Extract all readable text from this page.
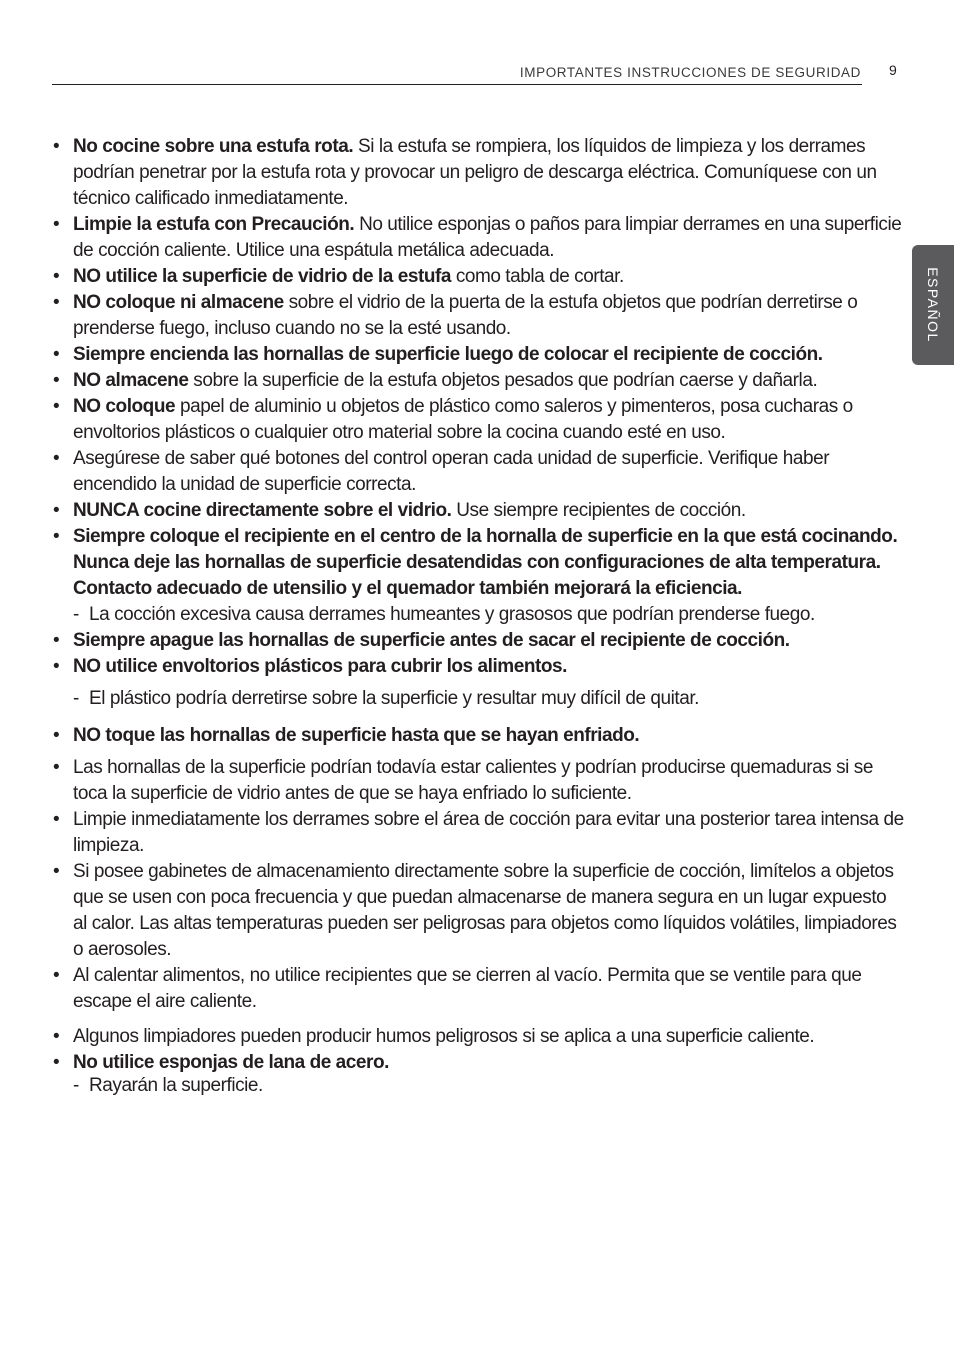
IMPORTANTES INSTRUCCIONES DE SEGURIDAD 9
ESPAÑOL
• No cocine sobre una estufa rota. Si la estufa se rompiera, los líquidos de limpieza y los derrames podrían penetrar por la estufa rota y provocar un peligro de descarga eléctrica. Comuníquese con un técnico calificado inmediatamente.
• Limpie la estufa con Precaución. No utilice esponjas o paños para limpiar derrames en una superficie de cocción caliente. Utilice una espátula metálica adecuada.
• NO utilice la superficie de vidrio de la estufa como tabla de cortar.
• NO coloque ni almacene sobre el vidrio de la puerta de la estufa objetos que podrían derretirse o prenderse fuego, incluso cuando no se la esté usando.
• Siempre encienda las hornallas de superficie luego de colocar el recipiente de cocción.
• NO almacene sobre la superficie de la estufa objetos pesados que podrían caerse y dañarla.
• NO coloque papel de aluminio u objetos de plástico como saleros y pimenteros, posa cucharas o envoltorios plásticos o cualquier otro material sobre la cocina cuando esté en uso.
• Asegúrese de saber qué botones del control operan cada unidad de superficie. Verifique haber encendido la unidad de superficie correcta.
• NUNCA cocine directamente sobre el vidrio. Use siempre recipientes de cocción.
• Siempre coloque el recipiente en el centro de la hornalla de superficie en la que está cocinando. Nunca deje las hornallas de superficie desatendidas con configuraciones de alta temperatura. Contacto adecuado de utensilio y el quemador también mejorará la eficiencia.
- La cocción excesiva causa derrames humeantes y grasosos que podrían prenderse fuego.
• Siempre apague las hornallas de superficie antes de sacar el recipiente de cocción.
• NO utilice envoltorios plásticos para cubrir los alimentos.
- El plástico podría derretirse sobre la superficie y resultar muy difícil de quitar.
• NO toque las hornallas de superficie hasta que se hayan enfriado.
• Las hornallas de la superficie podrían todavía estar calientes y podrían producirse quemaduras si se toca la superficie de vidrio antes de que se haya enfriado lo suficiente.
• Limpie inmediatamente los derrames sobre el área de cocción para evitar una posterior tarea intensa de limpieza.
• Si posee gabinetes de almacenamiento directamente sobre la superficie de cocción, limítelos a objetos que se usen con poca frecuencia y que puedan almacenarse de manera segura en un lugar expuesto al calor. Las altas temperaturas pueden ser peligrosas para objetos como líquidos volátiles, limpiadores o aerosoles.
• Al calentar alimentos, no utilice recipientes que se cierren al vacío. Permita que se ventile para que escape el aire caliente.
• Algunos limpiadores pueden producir humos peligrosos si se aplica a una superficie caliente.
• No utilice esponjas de lana de acero.
- Rayarán la superficie.
